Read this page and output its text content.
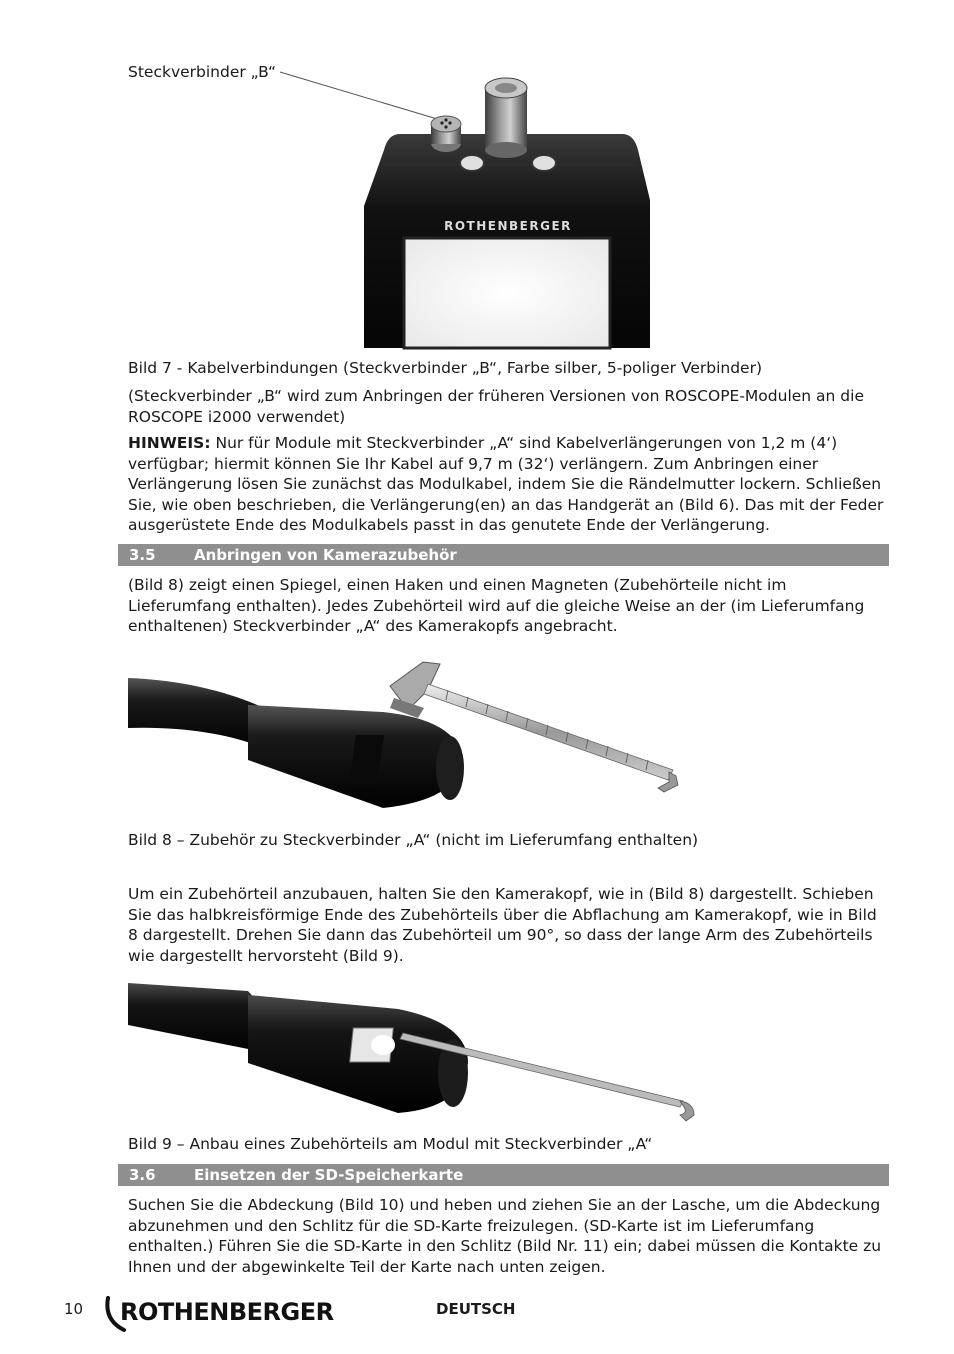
Steckverbinder „B“
ROTHENBERGER
Bild 7 - Kabelverbindungen (Steckverbinder „B“, Farbe silber, 5-poliger Verbinder)
(Steckverbinder „B“ wird zum Anbringen der früheren Versionen von ROSCOPE-Modulen an die ROSCOPE i2000 verwendet)
HINWEIS: Nur für Module mit Steckverbinder „A“ sind Kabelverlängerungen von 1,2 m (4‘) verfügbar; hiermit können Sie Ihr Kabel auf 9,7 m (32‘) verlängern. Zum Anbringen einer Verlängerung lösen Sie zunächst das Modulkabel, indem Sie die Rändelmutter lockern. Schließen Sie, wie oben beschrieben, die Verlängerung(en) an das Handgerät an (Bild 6). Das mit der Feder ausgerüstete Ende des Modulkabels passt in das genutete Ende der Verlängerung.
3.5	Anbringen von Kamerazubehör
(Bild 8) zeigt einen Spiegel, einen Haken und einen Magneten (Zubehörteile nicht im Lieferumfang enthalten). Jedes Zubehörteil wird auf die gleiche Weise an der (im Lieferumfang enthaltenen) Steckverbinder „A“ des Kamerakopfs angebracht.
Bild 8 – Zubehör zu Steckverbinder „A“ (nicht im Lieferumfang enthalten)
Um ein Zubehörteil anzubauen, halten Sie den Kamerakopf, wie in (Bild 8) dargestellt. Schieben Sie das halbkreisförmige Ende des Zubehörteils über die Abflachung am Kamerakopf, wie in Bild 8 dargestellt. Drehen Sie dann das Zubehörteil um 90°, so dass der lange Arm des Zubehörteils wie dargestellt hervorsteht (Bild 9).
Bild 9 – Anbau eines Zubehörteils am Modul mit Steckverbinder „A“
3.6	Einsetzen der SD-Speicherkarte
Suchen Sie die Abdeckung (Bild 10) und heben und ziehen Sie an der Lasche, um die Abdeckung abzunehmen und den Schlitz für die SD-Karte freizulegen. (SD-Karte ist im Lieferumfang enthalten.) Führen Sie die SD-Karte in den Schlitz (Bild Nr. 11) ein; dabei müssen die Kontakte zu Ihnen und der abgewinkelte Teil der Karte nach unten zeigen.
10 ROTHENBERGER	DEUTSCH
